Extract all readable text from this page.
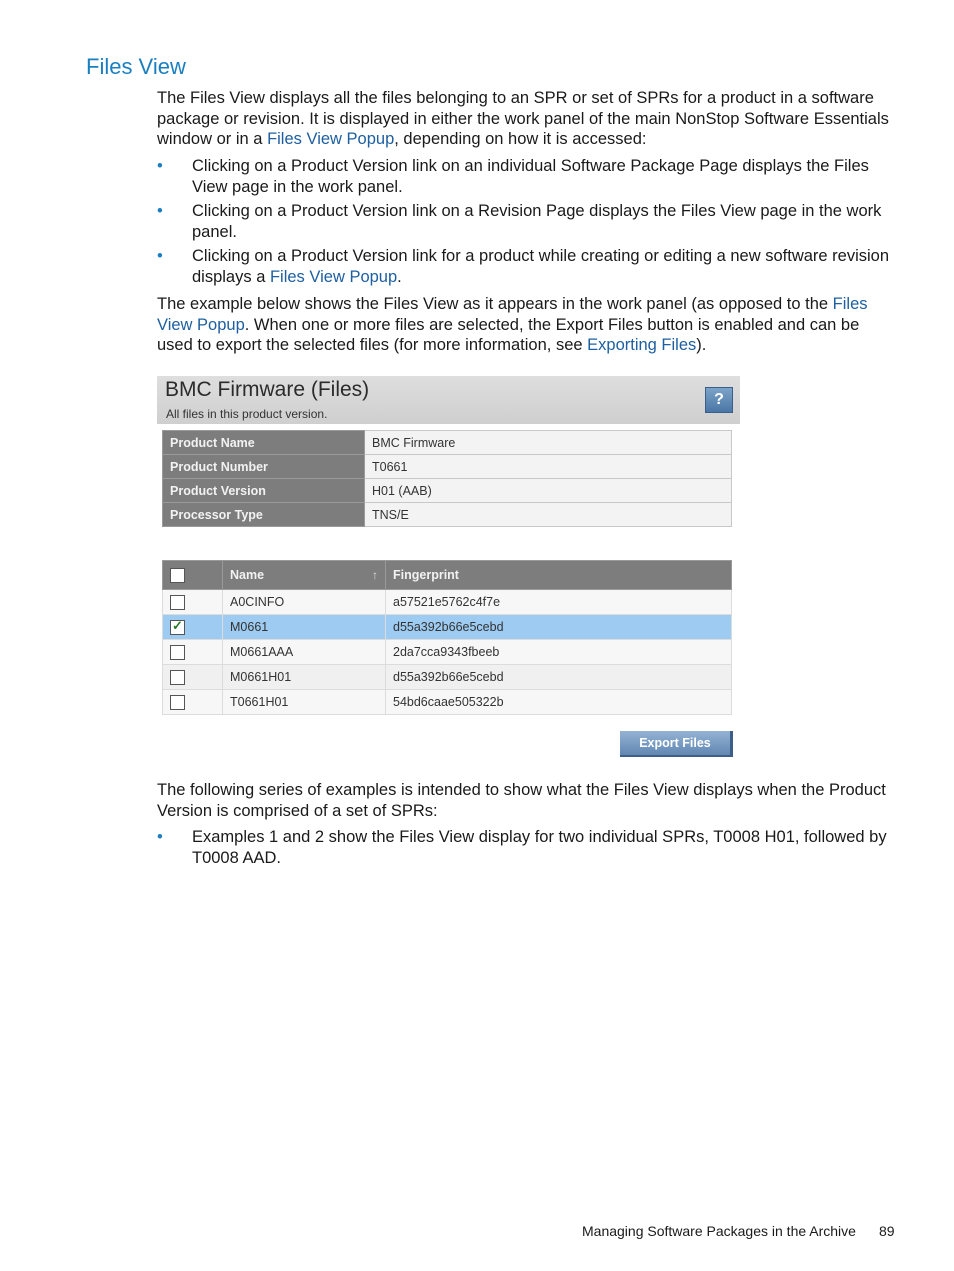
Files View

The Files View displays all the files belonging to an SPR or set of SPRs for a product in a software package or revision. It is displayed in either the work panel of the main NonStop Software Essentials window or in a Files View Popup, depending on how it is accessed:

• Clicking on a Product Version link on an individual Software Package Page displays the Files View page in the work panel.
• Clicking on a Product Version link on a Revision Page displays the Files View page in the work panel.
• Clicking on a Product Version link for a product while creating or editing a new software revision displays a Files View Popup.

The example below shows the Files View as it appears in the work panel (as opposed to the Files View Popup. When one or more files are selected, the Export Files button is enabled and can be used to export the selected files (for more information, see Exporting Files).

BMC Firmware (Files)
All files in this product version.
?
Product Name	BMC Firmware
Product Number	T0661
Product Version	H01 (AAB)
Processor Type	TNS/E
	Name ↑	Fingerprint
	A0CINFO	a57521e5762c4f7e
✓	M0661	d55a392b66e5cebd
	M0661AAA	2da7cca9343fbeeb
	M0661H01	d55a392b66e5cebd
	T0661H01	54bd6caae505322b
Export Files

The following series of examples is intended to show what the Files View displays when the Product Version is comprised of a set of SPRs:

• Examples 1 and 2 show the Files View display for two individual SPRs, T0008 H01, followed by T0008 AAD.
Managing Software Packages in the Archive 89
